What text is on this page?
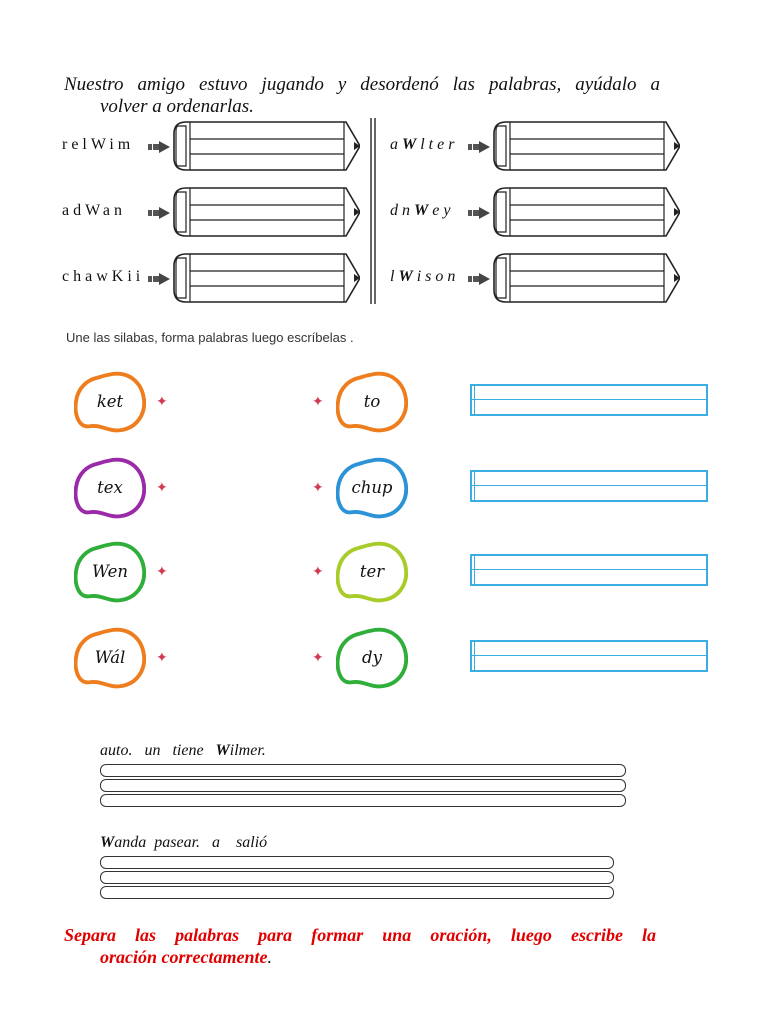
Nuestro amigo estuvo jugando y desordenó las palabras, ayúdalo a
volver a ordenarlas.
relWim
adWan
chawKii
aWlter
dnWey
lWison
Une las silabas, forma palabras luego escríbelas .
ket ✦	✦ to
tex ✦	✦ chup
Wen ✦	✦ ter
Wál ✦	✦ dy
auto.   un   tiene   Wilmer.
Wanda  pasear.   a    salió
Separa las palabras para formar una oración, luego escribe la
oración correctamente.
